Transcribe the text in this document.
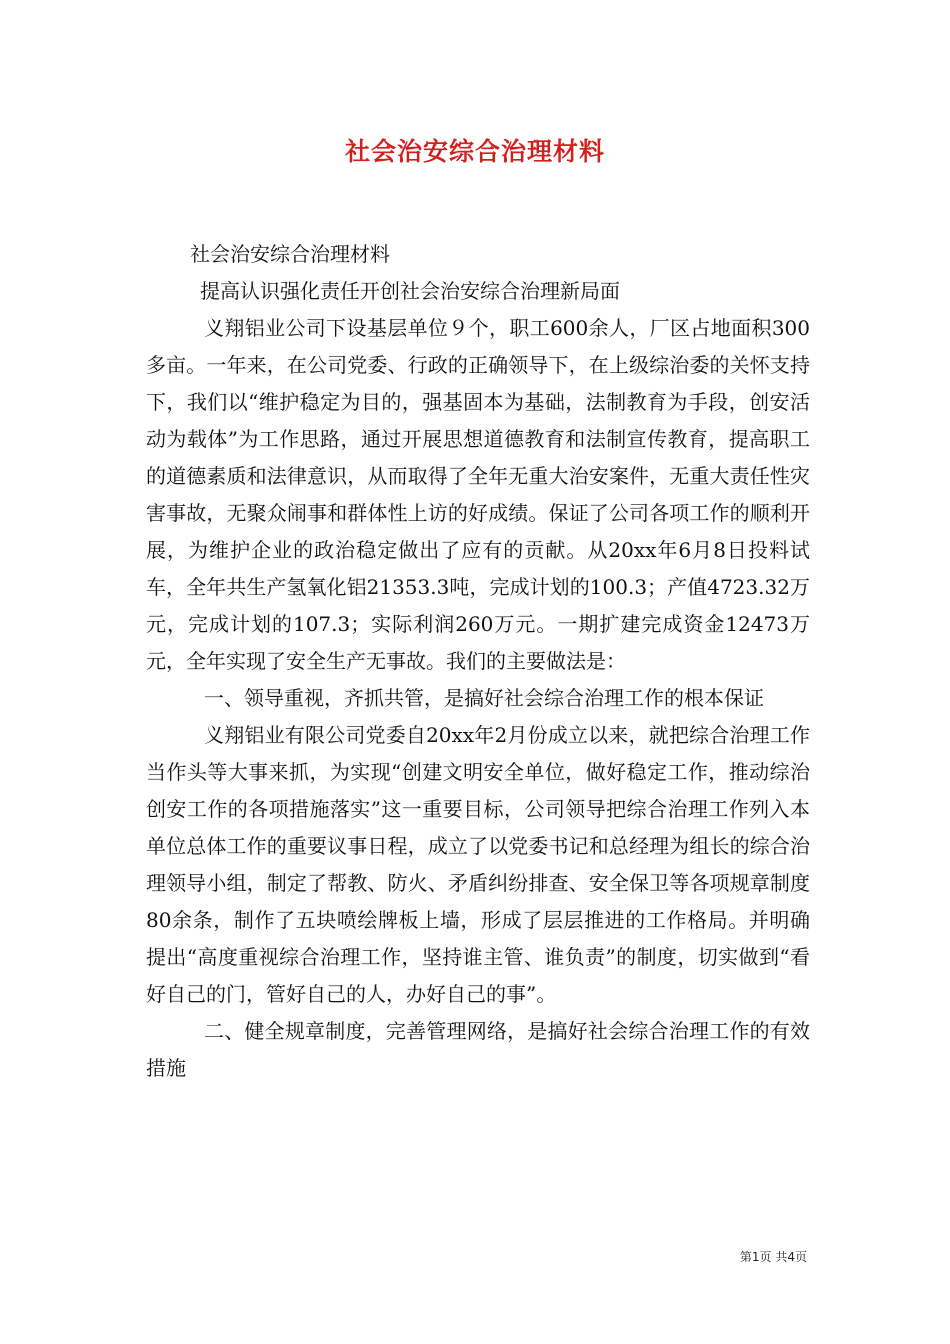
社会治安综合治理材料

社会治安综合治理材料

提高认识强化责任开创社会治安综合治理新局面

义翔铝业公司下设基层单位９个，职工600余人，厂区占地面积300多亩。一年来，在公司党委、行政的正确领导下，在上级综治委的关怀支持下，我们以“维护稳定为目的，强基固本为基础，法制教育为手段，创安活动为载体”为工作思路，通过开展思想道德教育和法制宣传教育，提高职工的道德素质和法律意识，从而取得了全年无重大治安案件，无重大责任性灾害事故，无聚众闹事和群体性上访的好成绩。保证了公司各项工作的顺利开展，为维护企业的政治稳定做出了应有的贡献。从20xx年6月8日投料试车，全年共生产氢氧化铝21353.3吨，完成计划的100.3；产值4723.32万元，完成计划的107.3；实际利润260万元。一期扩建完成资金12473万元，全年实现了安全生产无事故。我们的主要做法是：

一、领导重视，齐抓共管，是搞好社会综合治理工作的根本保证

义翔铝业有限公司党委自20xx年2月份成立以来，就把综合治理工作当作头等大事来抓，为实现“创建文明安全单位，做好稳定工作，推动综治创安工作的各项措施落实”这一重要目标，公司领导把综合治理工作列入本单位总体工作的重要议事日程，成立了以党委书记和总经理为组长的综合治理领导小组，制定了帮教、防火、矛盾纠纷排查、安全保卫等各项规章制度80余条，制作了五块喷绘牌板上墙，形成了层层推进的工作格局。并明确提出“高度重视综合治理工作，坚持谁主管、谁负责”的制度，切实做到“看好自己的门，管好自己的人，办好自己的事”。

二、健全规章制度，完善管理网络，是搞好社会综合治理工作的有效措施

第1页 共4页
